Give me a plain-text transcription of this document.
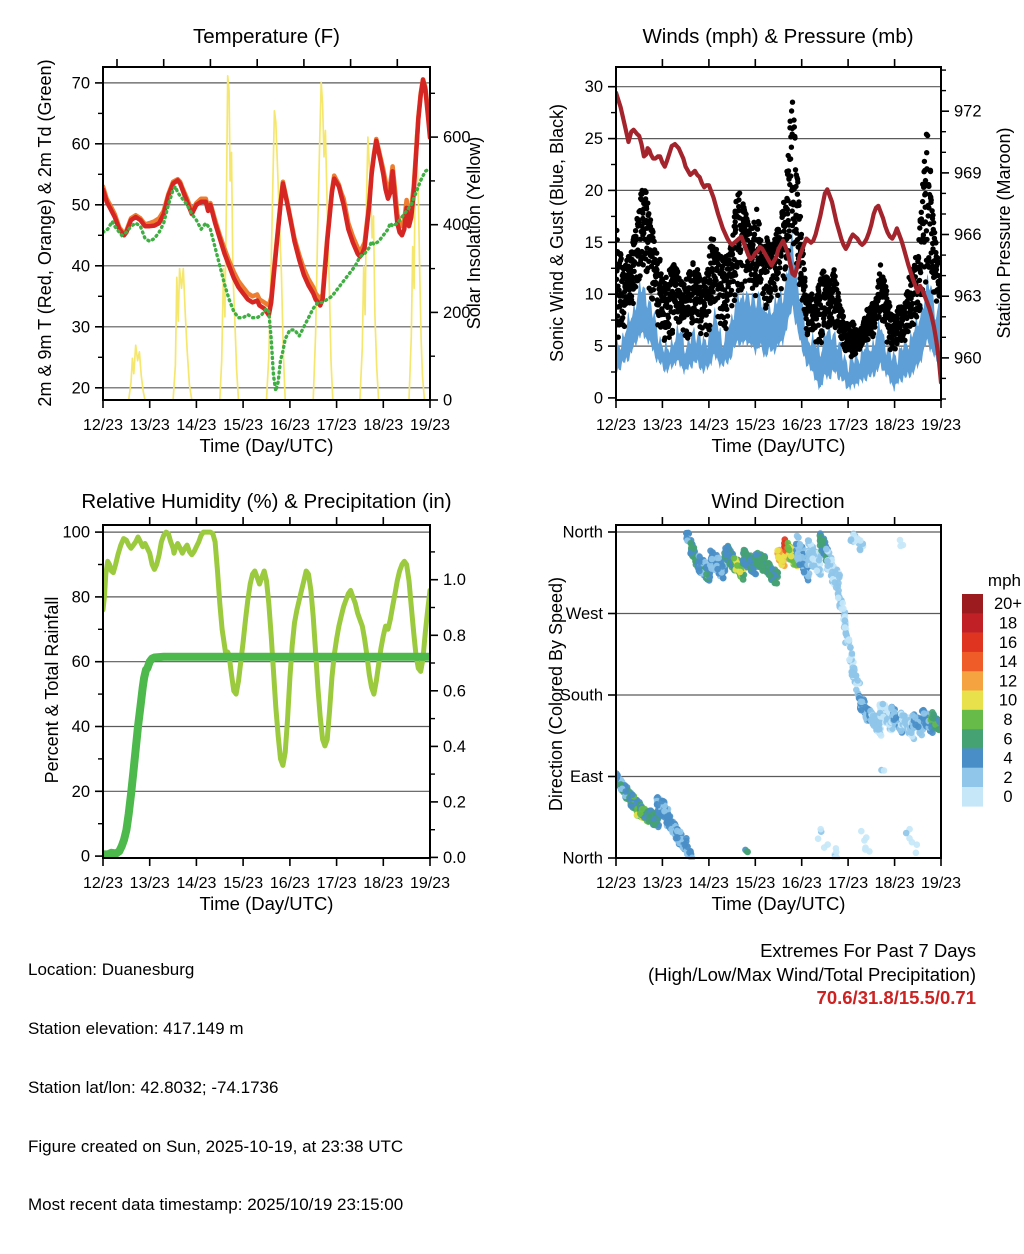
12/23 13/23 14/23 15/23 16/23 17/23 18/23 19/23
20
30
40
50
60
70
0
200
400
600
12/23 13/23 14/23 15/23 16/23 17/23 18/23 19/23
0
5
10
15
20
25
30
960
963
966
969
972
12/23 13/23 14/23 15/23 16/23 17/23 18/23 19/23
0
20
40
60
80
100
0.0
0.2
0.4
0.6
0.8
1.0
12/23 13/23 14/23 15/23 16/23 17/23 18/23 19/23
North
West
South
East
North
20+
18
16
14
12
10
8
6
4
2
0
Temperature (F)	Winds (mph) & Pressure (mb)
Relative Humidity (%) & Precipitation (in)	Wind Direction
Time (Day/UTC)	Time (Day/UTC)
Time (Day/UTC)	Time (Day/UTC)
2m & 9m T (Red, Orange) & 2m Td (Green)	Solar Insolation (Yellow)	Sonic Wind & Gust (Blue, Black)	Station Pressure (Maroon)
Percent & Total Rainfall	Direction (Colored By Speed)	mph

Location: Duanesburg

Station elevation: 417.149 m

Station lat/lon: 42.8032; -74.1736

Figure created on Sun, 2025-10-19, at 23:38 UTC

Most recent data timestamp: 2025/10/19 23:15:00

Extremes For Past 7 Days
(High/Low/Max Wind/Total Precipitation)
70.6/31.8/15.5/0.71
